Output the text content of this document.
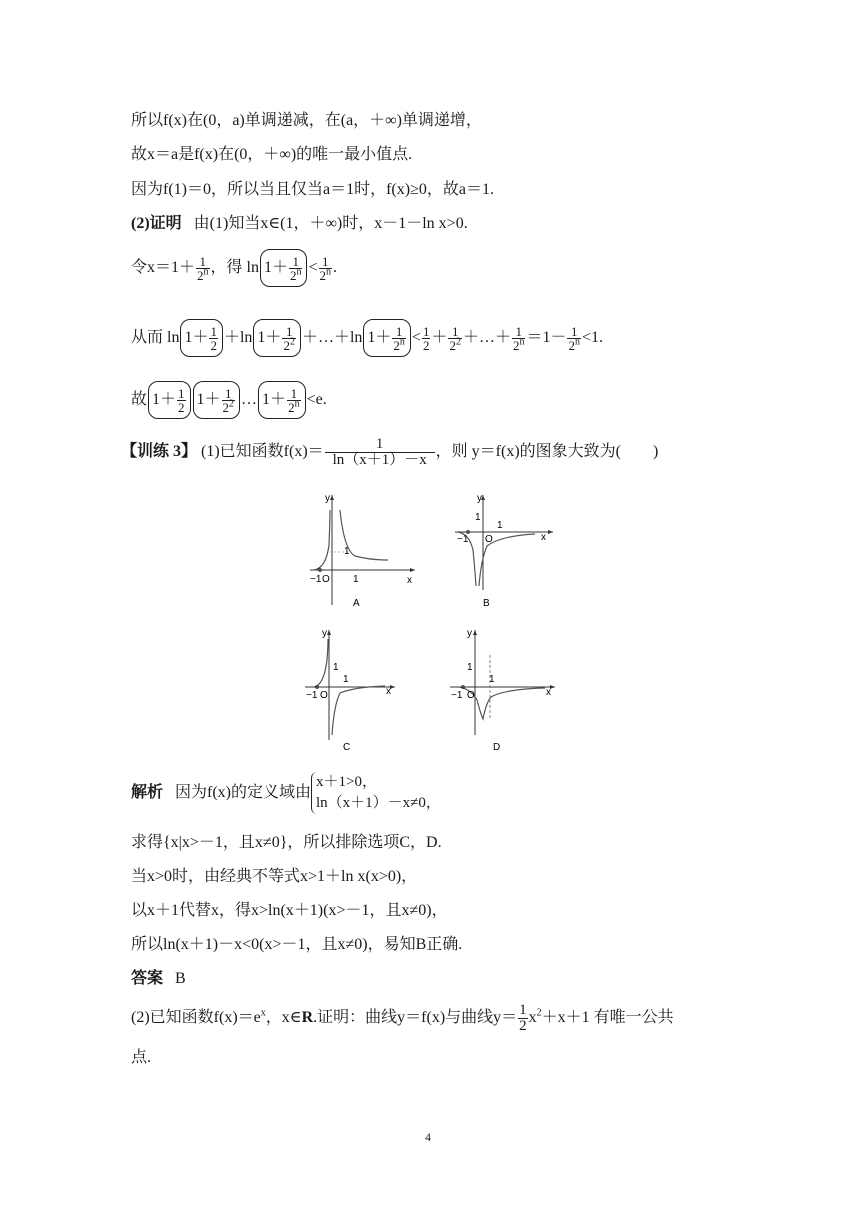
所以f(x)在(0，a)单调递减，在(a，＋∞)单调递增，
故x＝a是f(x)在(0，＋∞)的唯一最小值点.
因为f(1)＝0，所以当且仅当a＝1时，f(x)≥0，故a＝1.
(2)证明 由(1)知当x∈(1，＋∞)时，x－1－ln x>0.
令$x=1+ \frac{1}{2^n}$ ，得 $\ln 1+ \frac{1}{2^n} < \frac{1}{2^n}$ .
从而 $\ln 1+ \frac{1}{2} +\ln$ $1+ \frac{1}{2^2}$ ＋…＋ln $1+ \frac{1}{2^n} < \frac{1}{2} + \frac{1}{2^2}$ ＋…＋ $\frac{1}{2^n} =1- \frac{1}{2^n} <1$.
故 $1+ \frac{1}{2} 1+ \frac{1}{2^2}$ … $1+ \frac{1}{2^n} <e$.
【训练 3】 (1)已知函数$f(x)= \frac{1}{\ln(x+1)-x}$ ，则 y＝f(x)的图象大致为(　　)
y
x
O
−1	1
1
A
y
x
O
−1
1
1
B
y
x
O
−1
1
1
C
y
x
O
−1
1
1
D
解析 因为f(x)的定义域由x＋1>0，
ln（x＋1）－x≠0，
求得{x|x>－1，且x≠0}，所以排除选项C，D.
当x>0时，由经典不等式x>1＋ln x(x>0)，
以x＋1代替x，得x>ln(x＋1)(x>－1，且x≠0)，
所以ln(x＋1)－x<0(x>－1，且x≠0)，易知B正确.
答案 B
(2)已知函数$f(x)=e^x$，x∈R.证明：曲线y＝f(x)与曲线$y= \frac{1}{2} x^2+x+1$ 有唯一公共
点.
4
